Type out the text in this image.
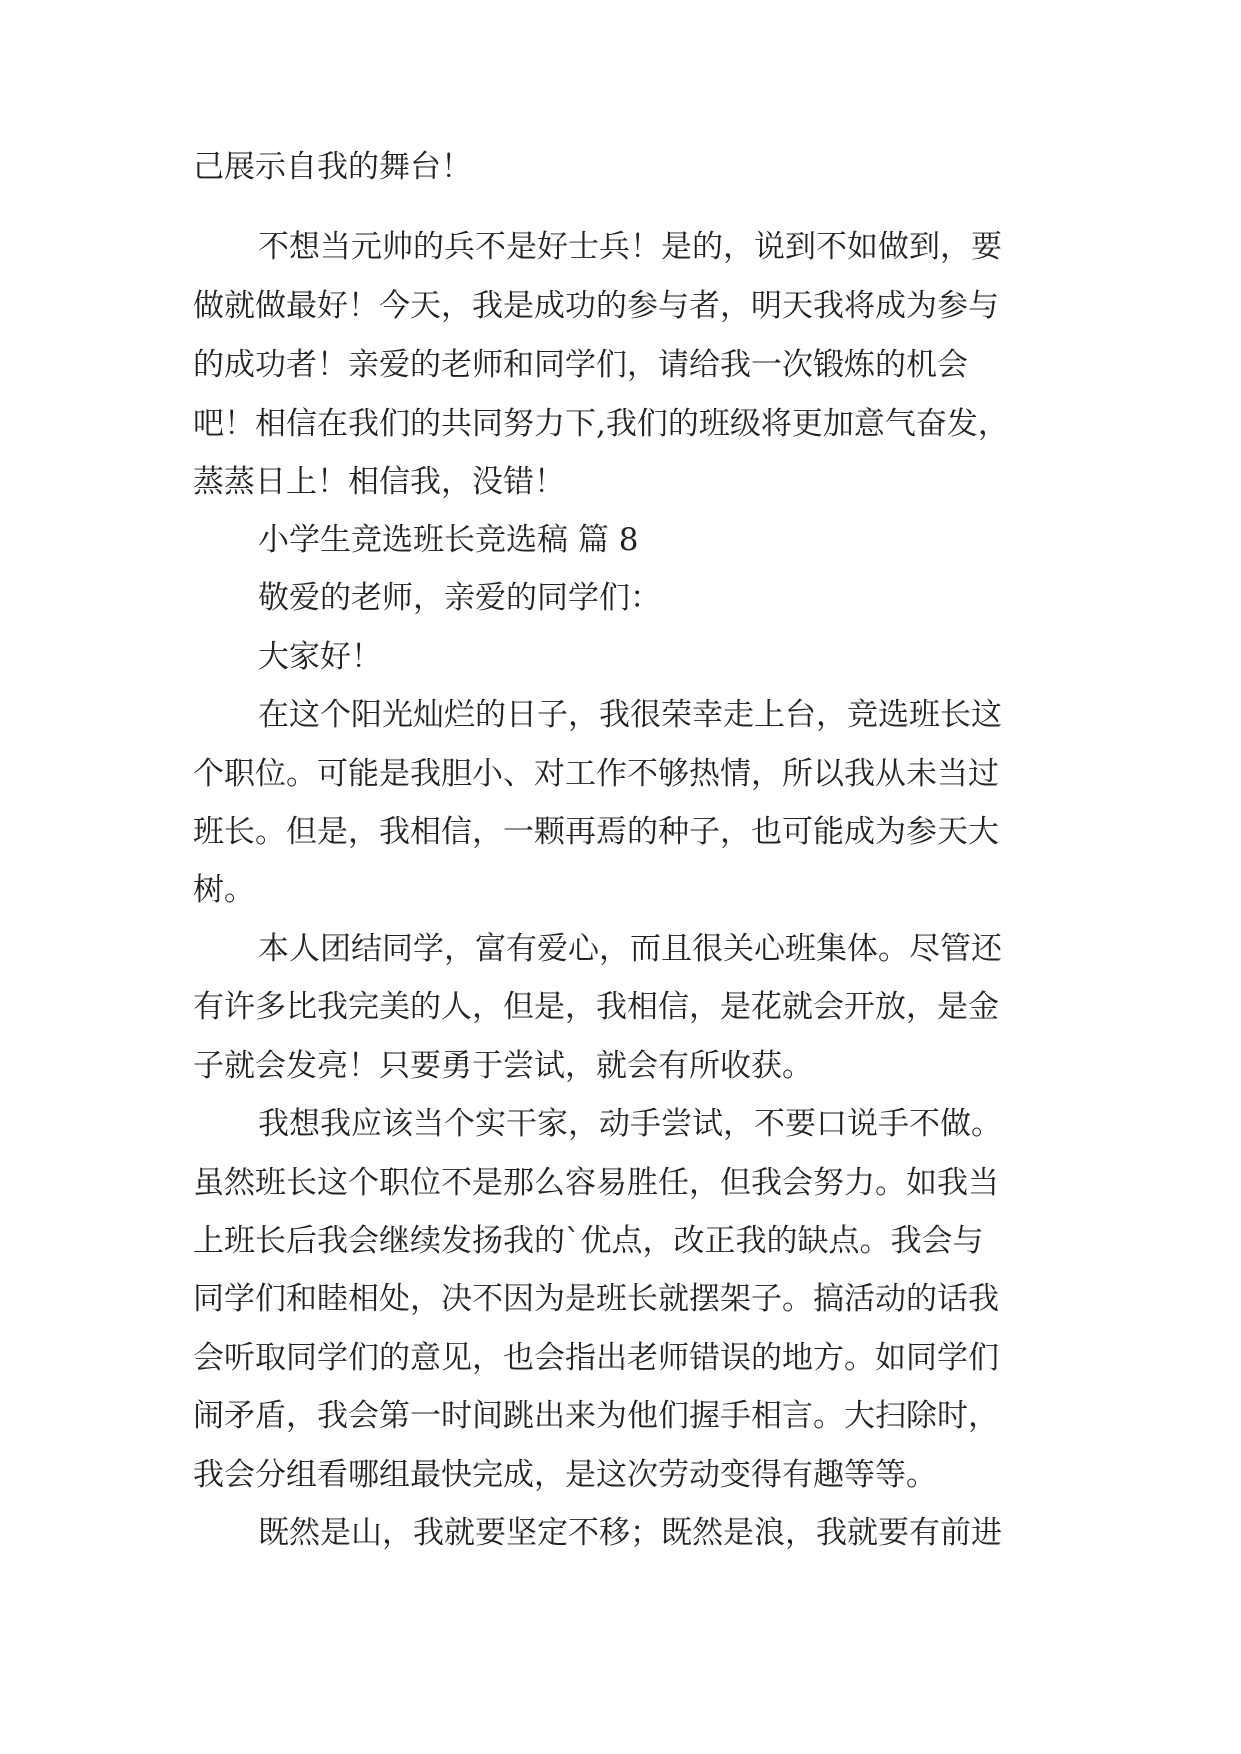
己展示自我的舞台！
不想当元帅的兵不是好士兵！是的，说到不如做到，要
做就做最好！今天，我是成功的参与者，明天我将成为参与
的成功者！亲爱的老师和同学们，请给我一次锻炼的机会
吧！相信在我们的共同努力下,我们的班级将更加意气奋发，
蒸蒸日上！相信我，没错！
小学生竞选班长竞选稿 篇 8
敬爱的老师，亲爱的同学们：
大家好！
在这个阳光灿烂的日子，我很荣幸走上台，竞选班长这
个职位。可能是我胆小、对工作不够热情，所以我从未当过
班长。但是，我相信，一颗再焉的种子，也可能成为参天大
树。
本人团结同学，富有爱心，而且很关心班集体。尽管还
有许多比我完美的人，但是，我相信，是花就会开放，是金
子就会发亮！只要勇于尝试，就会有所收获。
我想我应该当个实干家，动手尝试，不要口说手不做。
虽然班长这个职位不是那么容易胜任，但我会努力。如我当
上班长后我会继续发扬我的`优点，改正我的缺点。我会与
同学们和睦相处，决不因为是班长就摆架子。搞活动的话我
会听取同学们的意见，也会指出老师错误的地方。如同学们
闹矛盾，我会第一时间跳出来为他们握手相言。大扫除时，
我会分组看哪组最快完成，是这次劳动变得有趣等等。
既然是山，我就要坚定不移；既然是浪，我就要有前进
